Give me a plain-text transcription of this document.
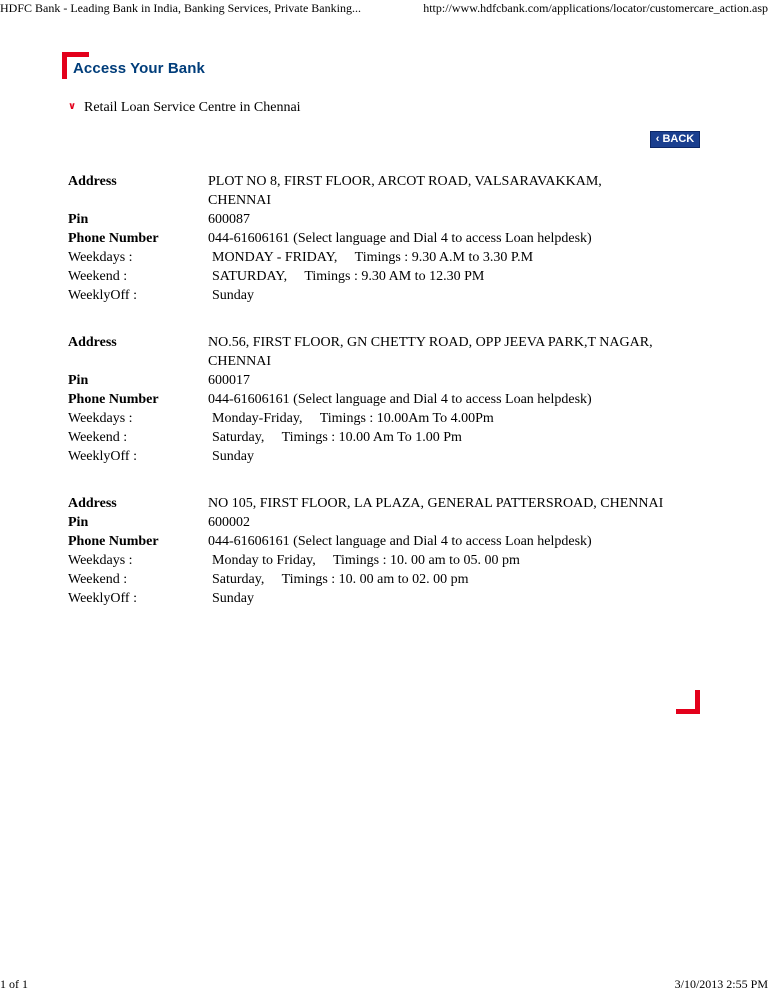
HDFC Bank - Leading Bank in India, Banking Services, Private Banking...	http://www.hdfcbank.com/applications/locator/customercare_action.asp
Access Your Bank
∨ Retail Loan Service Centre in Chennai
‹ BACK
Address	PLOT NO 8, FIRST FLOOR, ARCOT ROAD, VALSARAVAKKAM,
CHENNAI
Pin	600087
Phone Number	044-61606161 (Select language and Dial 4 to access Loan helpdesk)
Weekdays :	MONDAY - FRIDAY,     Timings : 9.30 A.M to 3.30 P.M
Weekend :	SATURDAY,     Timings : 9.30 AM to 12.30 PM
WeeklyOff :	Sunday
Address	NO.56, FIRST FLOOR, GN CHETTY ROAD, OPP JEEVA PARK,T NAGAR,
CHENNAI
Pin	600017
Phone Number	044-61606161 (Select language and Dial 4 to access Loan helpdesk)
Weekdays :	Monday-Friday,     Timings : 10.00Am To 4.00Pm
Weekend :	Saturday,     Timings : 10.00 Am To 1.00 Pm
WeeklyOff :	Sunday
Address	NO 105, FIRST FLOOR, LA PLAZA, GENERAL PATTERSROAD, CHENNAI
Pin	600002
Phone Number	044-61606161 (Select language and Dial 4 to access Loan helpdesk)
Weekdays :	Monday to Friday,     Timings : 10. 00 am to 05. 00 pm
Weekend :	Saturday,     Timings : 10. 00 am to 02. 00 pm
WeeklyOff :	Sunday
1 of 1	3/10/2013 2:55 PM
